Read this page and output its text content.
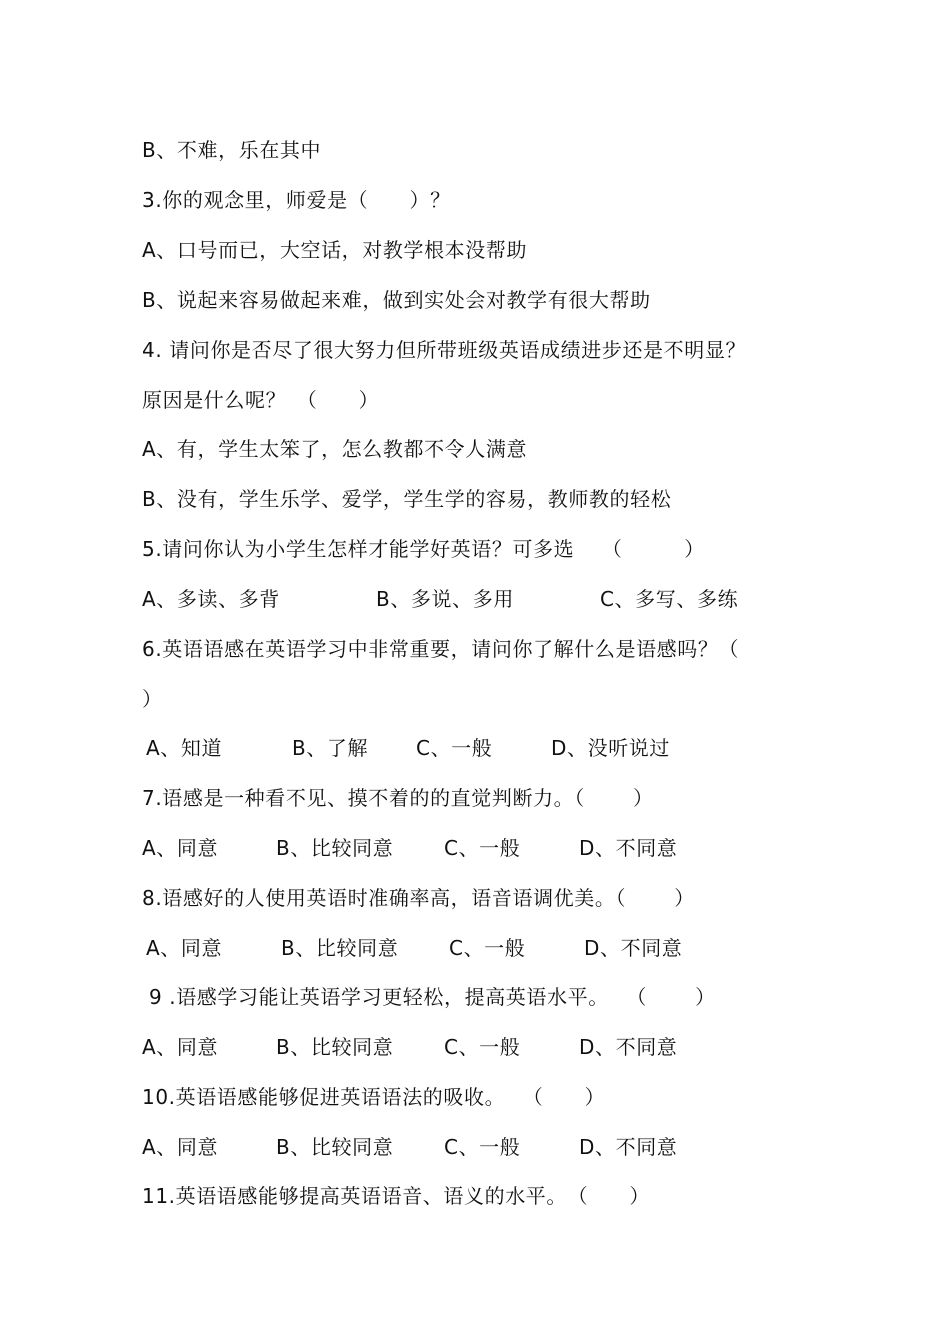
B、不难，乐在其中
3.你的观念里，师爱是（　　）？
A、口号而已，大空话，对教学根本没帮助
B、说起来容易做起来难，做到实处会对教学有很大帮助
4. 请问你是否尽了很大努力但所带班级英语成绩进步还是不明显？
原因是什么呢？　（　　）
A、有，学生太笨了，怎么教都不令人满意
B、没有，学生乐学、爱学，学生学的容易，教师教的轻松
5.请问你认为小学生怎样才能学好英语？可多选　 （　　　）
A、多读、多背	B、多说、多用	C、多写、多练
6.英语语感在英语学习中非常重要，请问你了解什么是语感吗？（
）
A、知道	B、了解 C、一般	D、没听说过
7.语感是一种看不见、摸不着的的直觉判断力。（　　 ）
A、同意	B、比较同意	C、一般	D、不同意
8.语感好的人使用英语时准确率高，语音语调优美。（　　 ）
A、同意	B、比较同意	C、一般	D、不同意
9 .语感学习能让英语学习更轻松，提高英语水平。　 （　　 ）
A、同意	B、比较同意	C、一般	D、不同意
10.英语语感能够促进英语语法的吸收。　 （　　）
A、同意	B、比较同意	C、一般	D、不同意
11.英语语感能够提高英语语音、语义的水平。　（　　）
